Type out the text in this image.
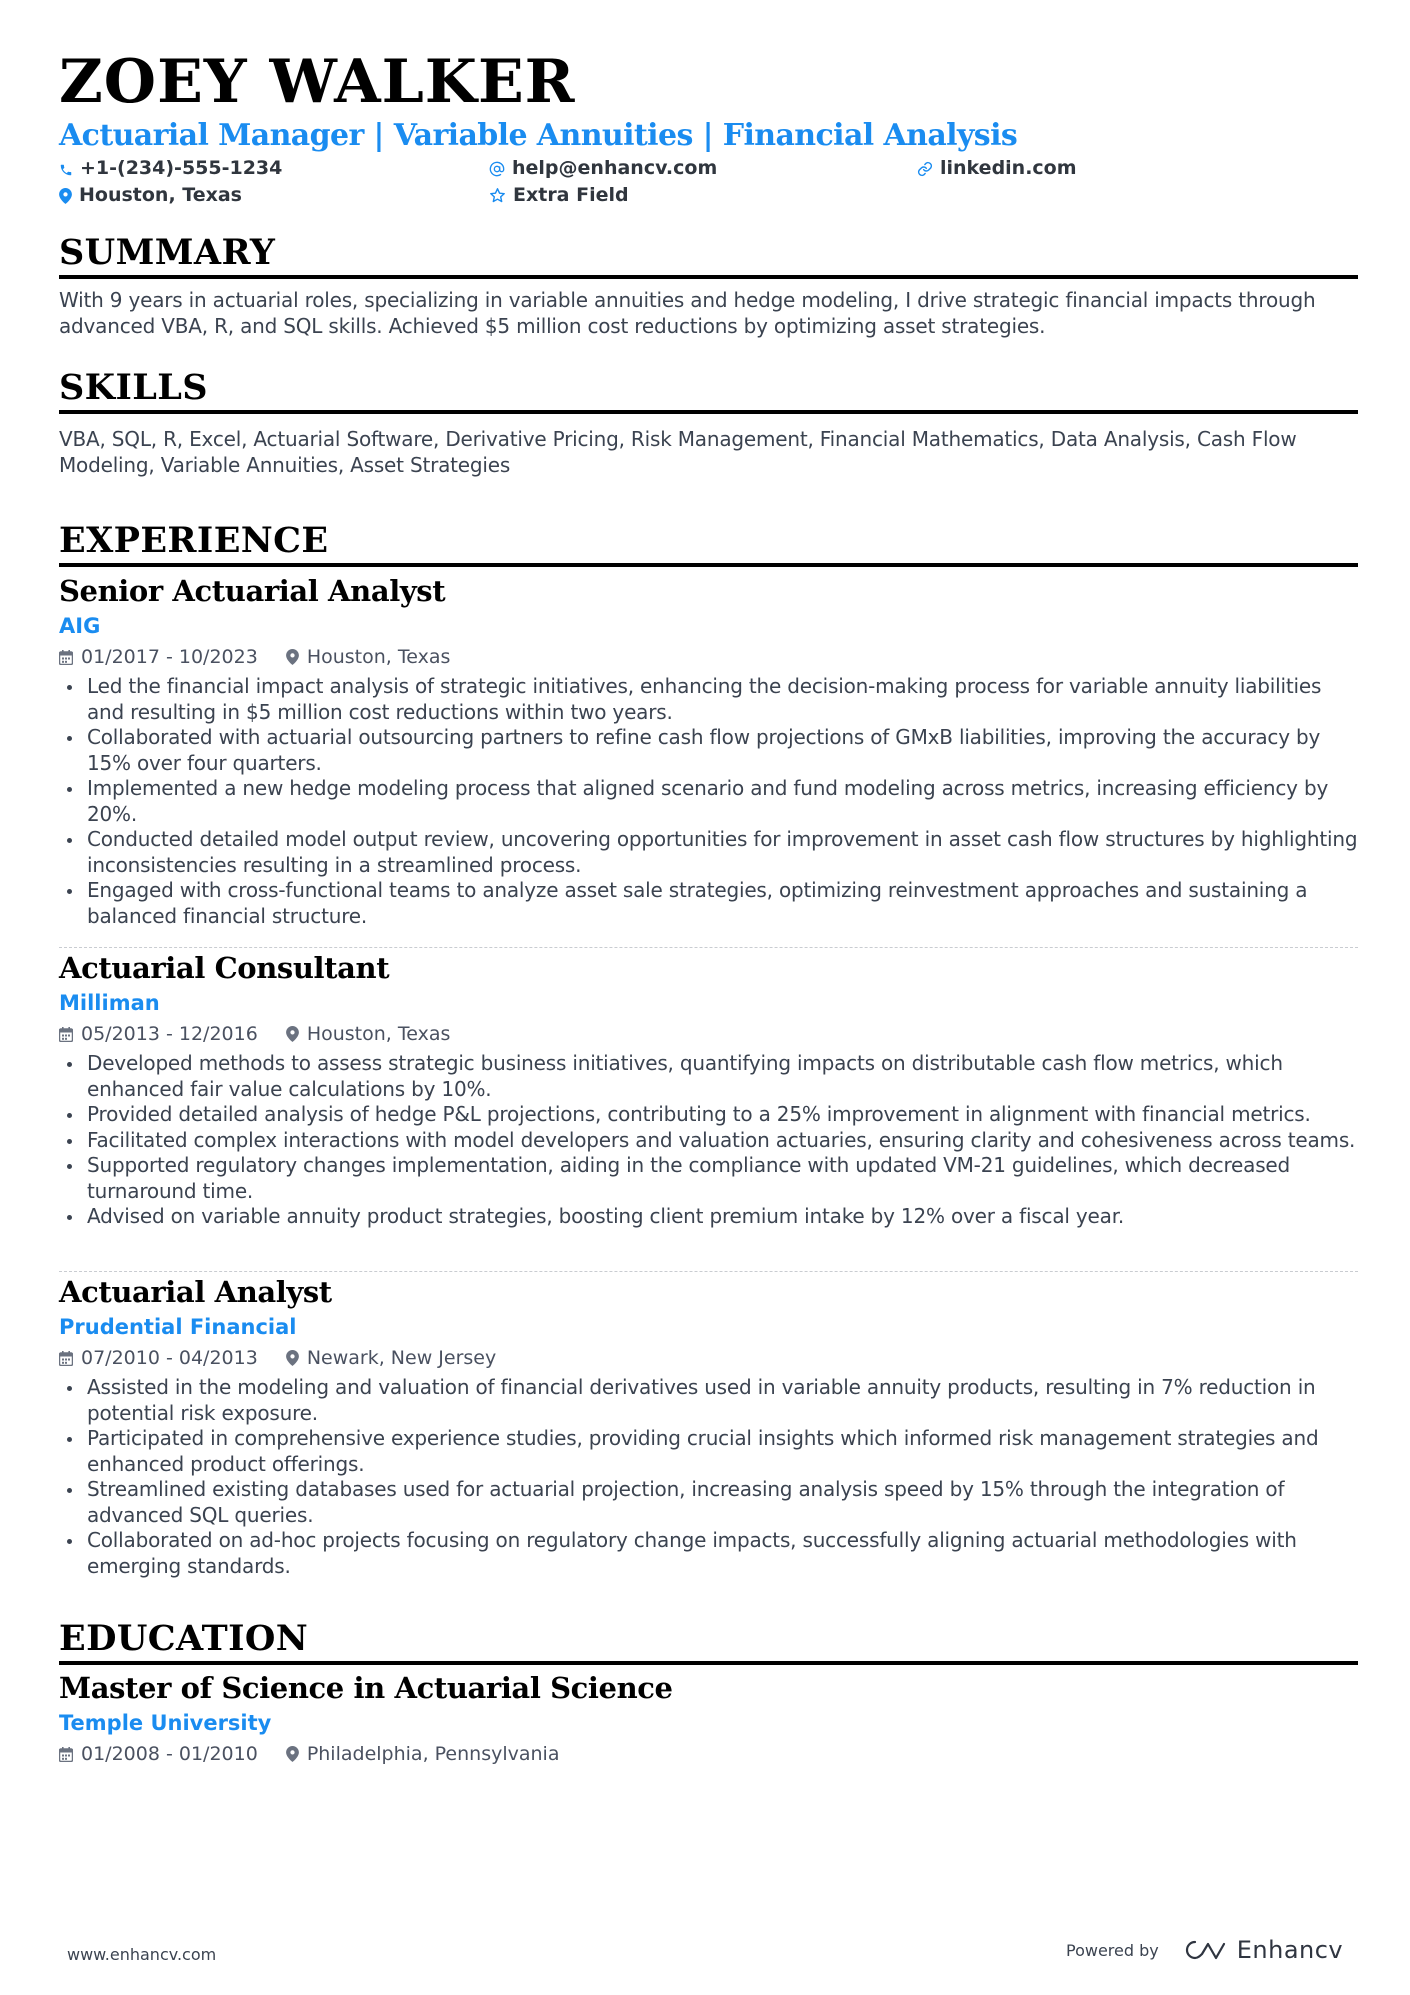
ZOEY WALKER
Actuarial Manager | Variable Annuities | Financial Analysis
+1-(234)-555-1234	help@enhancv.com	linkedin.com
Houston, Texas	Extra Field
SUMMARY

With 9 years in actuarial roles, specializing in variable annuities and hedge modeling, I drive strategic financial impacts through advanced VBA, R, and SQL skills. Achieved $5 million cost reductions by optimizing asset strategies.

SKILLS

VBA, SQL, R, Excel, Actuarial Software, Derivative Pricing, Risk Management, Financial Mathematics, Data Analysis, Cash Flow Modeling, Variable Annuities, Asset Strategies

EXPERIENCE
Senior Actuarial Analyst
AIG
01/2017 - 10/2023	Houston, Texas
Led the financial impact analysis of strategic initiatives, enhancing the decision-making process for variable annuity liabilities and resulting in $5 million cost reductions within two years.
Collaborated with actuarial outsourcing partners to refine cash flow projections of GMxB liabilities, improving the accuracy by 15% over four quarters.
Implemented a new hedge modeling process that aligned scenario and fund modeling across metrics, increasing efficiency by 20%.
Conducted detailed model output review, uncovering opportunities for improvement in asset cash flow structures by highlighting inconsistencies resulting in a streamlined process.
Engaged with cross-functional teams to analyze asset sale strategies, optimizing reinvestment approaches and sustaining a balanced financial structure.
Actuarial Consultant
Milliman
05/2013 - 12/2016	Houston, Texas
Developed methods to assess strategic business initiatives, quantifying impacts on distributable cash flow metrics, which enhanced fair value calculations by 10%.
Provided detailed analysis of hedge P&L projections, contributing to a 25% improvement in alignment with financial metrics.
Facilitated complex interactions with model developers and valuation actuaries, ensuring clarity and cohesiveness across teams.
Supported regulatory changes implementation, aiding in the compliance with updated VM-21 guidelines, which decreased turnaround time.
Advised on variable annuity product strategies, boosting client premium intake by 12% over a fiscal year.
Actuarial Analyst
Prudential Financial
07/2010 - 04/2013	Newark, New Jersey
Assisted in the modeling and valuation of financial derivatives used in variable annuity products, resulting in 7% reduction in potential risk exposure.
Participated in comprehensive experience studies, providing crucial insights which informed risk management strategies and enhanced product offerings.
Streamlined existing databases used for actuarial projection, increasing analysis speed by 15% through the integration of advanced SQL queries.
Collaborated on ad-hoc projects focusing on regulatory change impacts, successfully aligning actuarial methodologies with emerging standards.
EDUCATION
Master of Science in Actuarial Science
Temple University
01/2008 - 01/2010	Philadelphia, Pennsylvania
www.enhancv.com	Powered by	Enhancv
